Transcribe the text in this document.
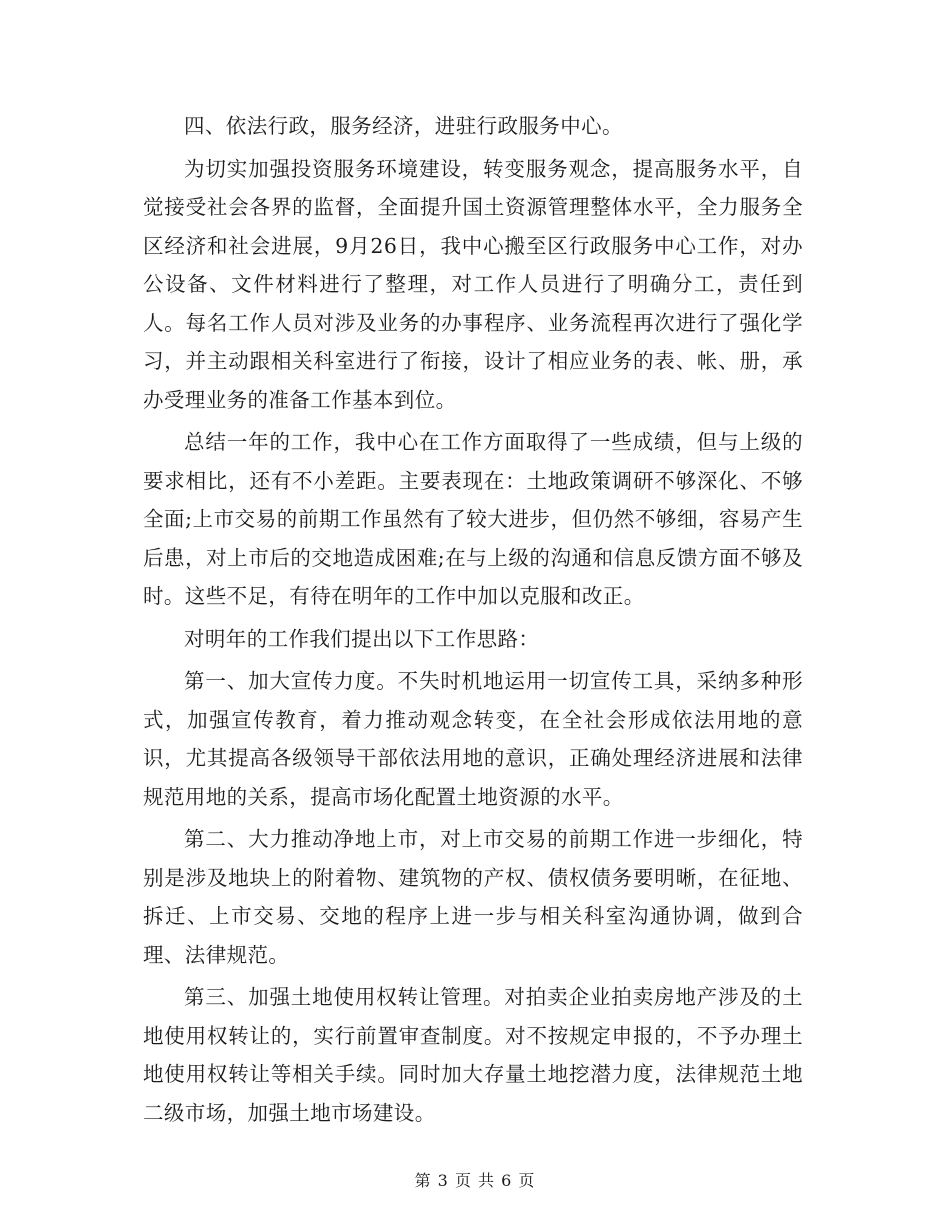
四、依法行政，服务经济，进驻行政服务中心。

为切实加强投资服务环境建设，转变服务观念，提高服务水平，自觉接受社会各界的监督，全面提升国土资源管理整体水平，全力服务全区经济和社会进展，9月26日，我中心搬至区行政服务中心工作，对办公设备、文件材料进行了整理，对工作人员进行了明确分工，责任到人。每名工作人员对涉及业务的办事程序、业务流程再次进行了强化学习，并主动跟相关科室进行了衔接，设计了相应业务的表、帐、册，承办受理业务的准备工作基本到位。

总结一年的工作，我中心在工作方面取得了一些成绩，但与上级的要求相比，还有不小差距。主要表现在：土地政策调研不够深化、不够全面;上市交易的前期工作虽然有了较大进步，但仍然不够细，容易产生后患，对上市后的交地造成困难;在与上级的沟通和信息反馈方面不够及时。这些不足，有待在明年的工作中加以克服和改正。

对明年的工作我们提出以下工作思路：

第一、加大宣传力度。不失时机地运用一切宣传工具，采纳多种形式，加强宣传教育，着力推动观念转变，在全社会形成依法用地的意识，尤其提高各级领导干部依法用地的意识，正确处理经济进展和法律规范用地的关系，提高市场化配置土地资源的水平。

第二、大力推动净地上市，对上市交易的前期工作进一步细化，特别是涉及地块上的附着物、建筑物的产权、债权债务要明晰，在征地、拆迁、上市交易、交地的程序上进一步与相关科室沟通协调，做到合理、法律规范。

第三、加强土地使用权转让管理。对拍卖企业拍卖房地产涉及的土地使用权转让的，实行前置审查制度。对不按规定申报的，不予办理土地使用权转让等相关手续。同时加大存量土地挖潜力度，法律规范土地二级市场，加强土地市场建设。

第 3 页 共 6 页
